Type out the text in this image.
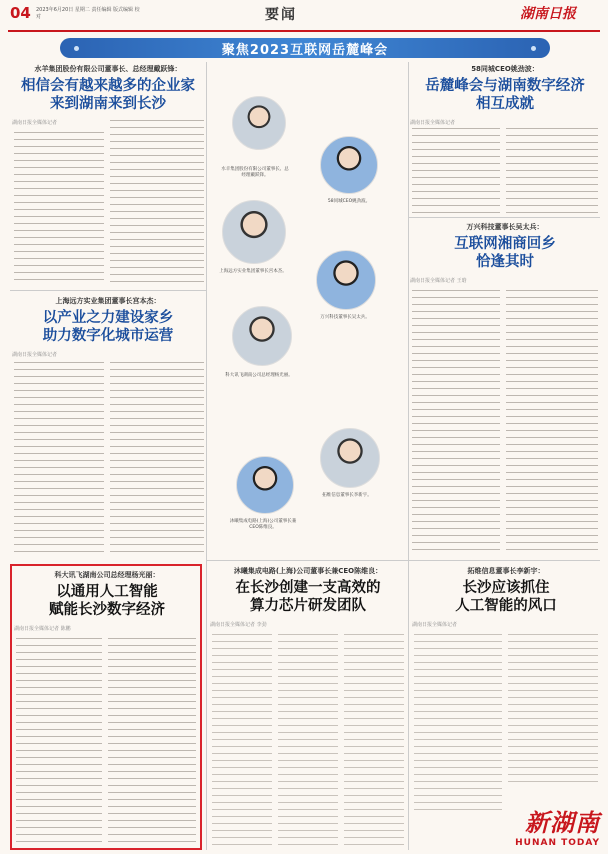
04 2023年6月20日 星期二 责任编辑 版式编辑 校对	要闻	湖南日报
聚焦2023互联网岳麓峰会
水羊集团股份有限公司董事长、总经理戴跃锋：
相信会有越来越多的企业家
来到湖南来到长沙
湖南日报全媒体记者
58同城CEO姚劲波：
岳麓峰会与湖南数字经济
相互成就
湖南日报全媒体记者
上海远方实业集团董事长宫本杰：
以产业之力建设家乡
助力数字化城市运营
湖南日报全媒体记者
万兴科技董事长吴太兵：
互联网湘商回乡
恰逢其时
湖南日报全媒体记者 王晗
水羊集团股份有限公司董事长、总经理戴跃锋。
58同城CEO姚劲波。
上海远方实业集团董事长宫本杰。
万兴科技董事长吴太兵。
科大讯飞湖南公司总经理杨光丽。
沐曦集成电路(上海)公司董事长兼CEO陈维良。
拓维信息董事长李新宇。
科大讯飞湖南公司总经理杨光丽：
以通用人工智能
赋能长沙数字经济
湖南日报全媒体记者 陈鹏
沐曦集成电路(上海)公司董事长兼CEO陈维良：
在长沙创建一支高效的
算力芯片研发团队
湖南日报全媒体记者 李劲
拓维信息董事长李新宇：
长沙应该抓住
人工智能的风口
湖南日报全媒体记者
新湖南
HUNAN TODAY
